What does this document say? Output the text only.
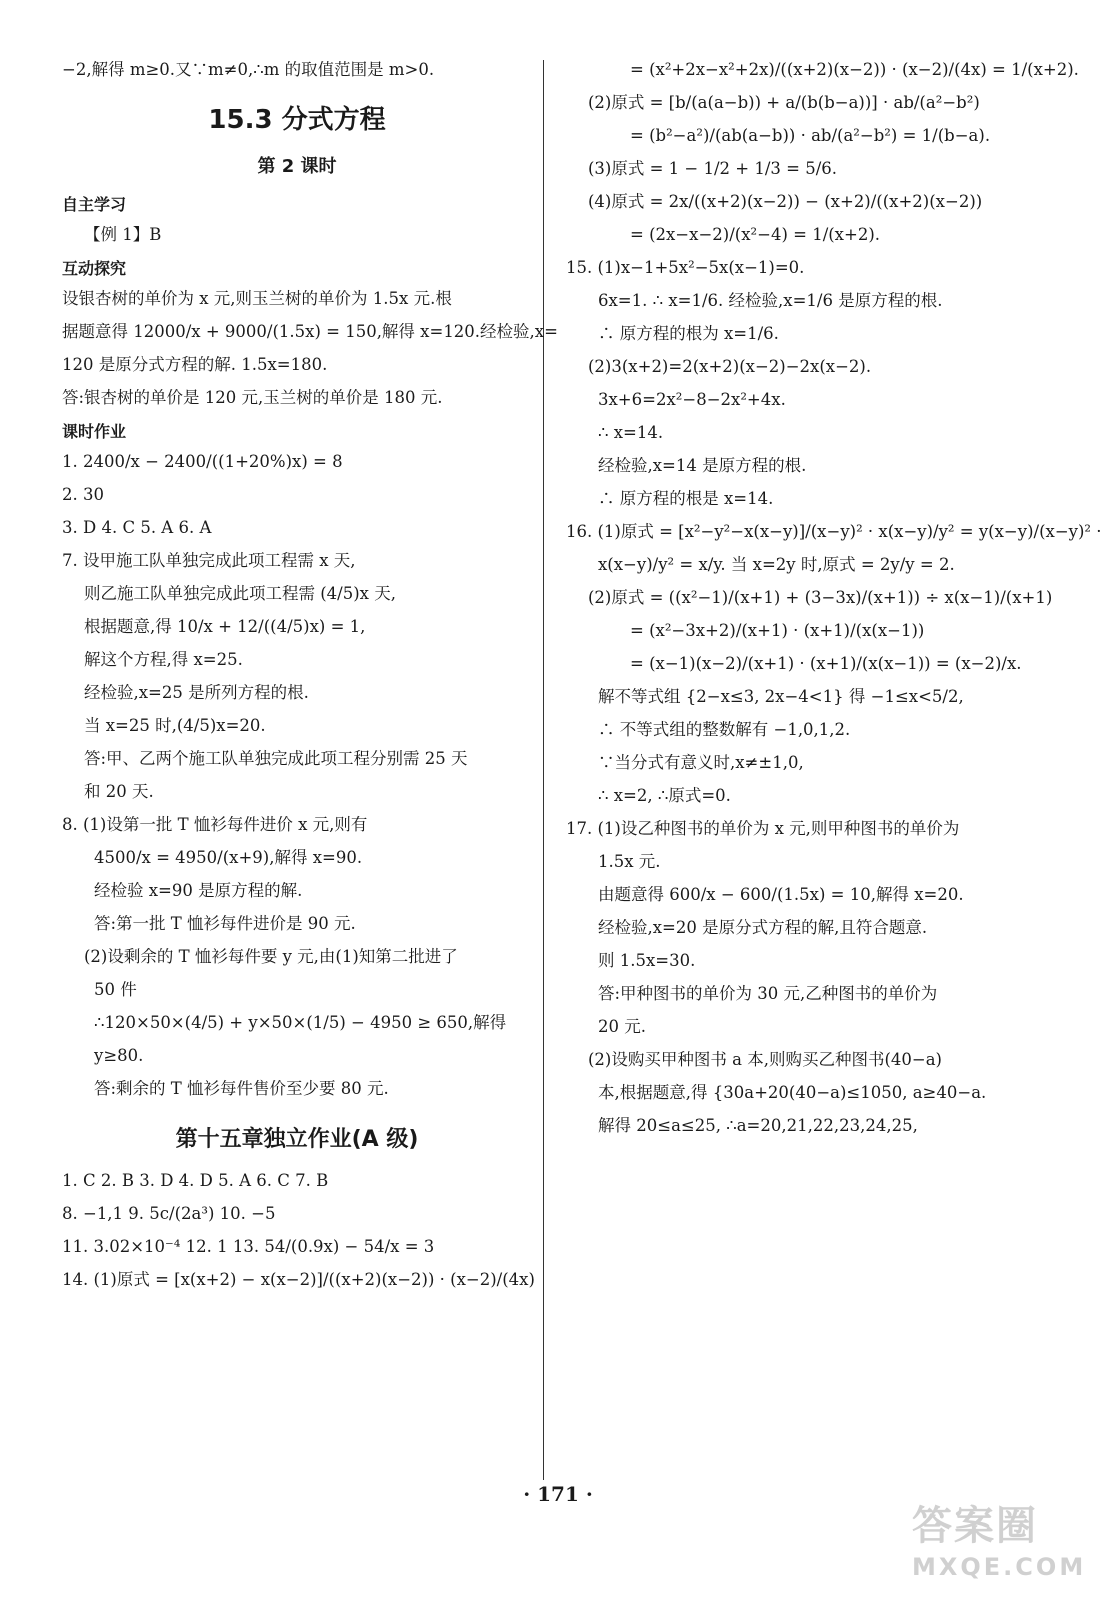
−2,解得 m≥0.又∵m≠0,∴m 的取值范围是 m>0.
15.3 分式方程
第 2 课时
自主学习
【例 1】B
互动探究
设银杏树的单价为 x 元,则玉兰树的单价为 1.5x 元.根
据题意得 12000/x + 9000/(1.5x) = 150,解得 x=120.经检验,x=
120 是原分式方程的解. 1.5x=180.
答:银杏树的单价是 120 元,玉兰树的单价是 180 元.
课时作业
1. 2400/x − 2400/((1+20%)x) = 8
2. 30
3. D 4. C 5. A 6. A
7. 设甲施工队单独完成此项工程需 x 天,
则乙施工队单独完成此项工程需 (4/5)x 天,
根据题意,得 10/x + 12/((4/5)x) = 1,
解这个方程,得 x=25.
经检验,x=25 是所列方程的根.
当 x=25 时,(4/5)x=20.
答:甲、乙两个施工队单独完成此项工程分别需 25 天
和 20 天.
8. (1)设第一批 T 恤衫每件进价 x 元,则有
4500/x = 4950/(x+9),解得 x=90.
经检验 x=90 是原方程的解.
答:第一批 T 恤衫每件进价是 90 元.
(2)设剩余的 T 恤衫每件要 y 元,由(1)知第二批进了
50 件
∴120×50×(4/5) + y×50×(1/5) − 4950 ≥ 650,解得
y≥80.
答:剩余的 T 恤衫每件售价至少要 80 元.
第十五章独立作业(A 级)
1. C 2. B 3. D 4. D 5. A 6. C 7. B
8. −1,1 9. 5c/(2a³) 10. −5
11. 3.02×10⁻⁴ 12. 1 13. 54/(0.9x) − 54/x = 3
14. (1)原式 = [x(x+2) − x(x−2)]/((x+2)(x−2)) · (x−2)/(4x)
= (x²+2x−x²+2x)/((x+2)(x−2)) · (x−2)/(4x) = 1/(x+2).
(2)原式 = [b/(a(a−b)) + a/(b(b−a))] · ab/(a²−b²)
= (b²−a²)/(ab(a−b)) · ab/(a²−b²) = 1/(b−a).
(3)原式 = 1 − 1/2 + 1/3 = 5/6.
(4)原式 = 2x/((x+2)(x−2)) − (x+2)/((x+2)(x−2))
= (2x−x−2)/(x²−4) = 1/(x+2).
15. (1)x−1+5x²−5x(x−1)=0.
6x=1. ∴ x=1/6. 经检验,x=1/6 是原方程的根.
∴ 原方程的根为 x=1/6.
(2)3(x+2)=2(x+2)(x−2)−2x(x−2).
3x+6=2x²−8−2x²+4x.
∴ x=14.
经检验,x=14 是原方程的根.
∴ 原方程的根是 x=14.
16. (1)原式 = [x²−y²−x(x−y)]/(x−y)² · x(x−y)/y² = y(x−y)/(x−y)² ·
x(x−y)/y² = x/y. 当 x=2y 时,原式 = 2y/y = 2.
(2)原式 = ((x²−1)/(x+1) + (3−3x)/(x+1)) ÷ x(x−1)/(x+1)
= (x²−3x+2)/(x+1) · (x+1)/(x(x−1))
= (x−1)(x−2)/(x+1) · (x+1)/(x(x−1)) = (x−2)/x.
解不等式组 {2−x≤3, 2x−4<1} 得 −1≤x<5/2,
∴ 不等式组的整数解有 −1,0,1,2.
∵当分式有意义时,x≠±1,0,
∴ x=2, ∴原式=0.
17. (1)设乙种图书的单价为 x 元,则甲种图书的单价为
1.5x 元.
由题意得 600/x − 600/(1.5x) = 10,解得 x=20.
经检验,x=20 是原分式方程的解,且符合题意.
则 1.5x=30.
答:甲种图书的单价为 30 元,乙种图书的单价为
20 元.
(2)设购买甲种图书 a 本,则购买乙种图书(40−a)
本,根据题意,得 {30a+20(40−a)≤1050, a≥40−a.
解得 20≤a≤25, ∴a=20,21,22,23,24,25,
· 171 ·
答案圈
MXQE.COM
